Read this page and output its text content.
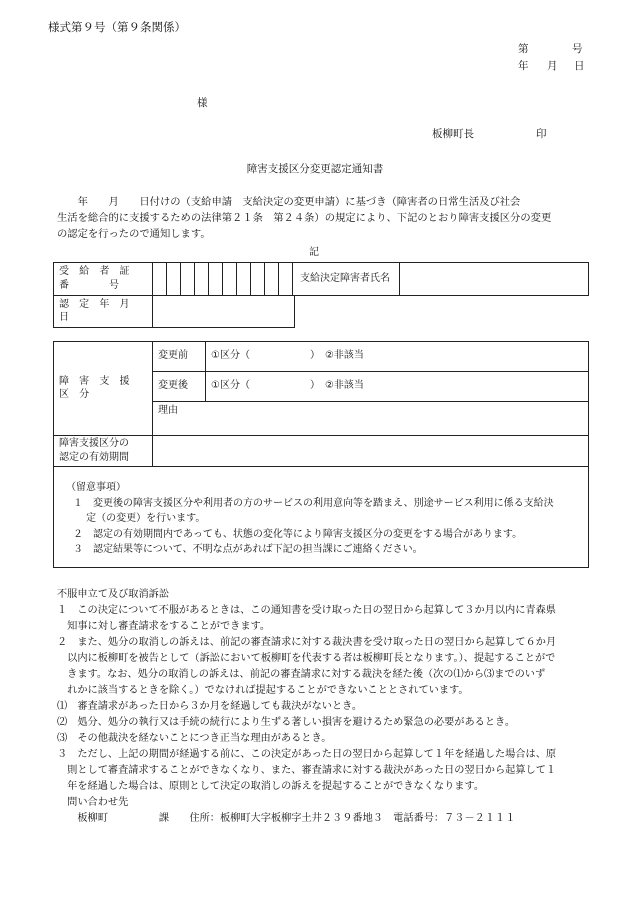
様式第９号（第９条関係）
第	号
年 月 日
様
板柳町長	印
障害支援区分変更認定通知書
　　年　　月　　日付けの（支給申請　支給決定の変更申請）に基づき（障害者の日常生活及び社会
生活を総合的に支援するための法律第２１条　第２４条）の規定により、下記のとおり障害支援区分の変更
の認定を行ったので通知します。
記
受 給 者 証
番　　　　号
											支給決定障害者氏名	
認 定 年 月 日	
障 害 支 援 区 分	変更前	①区分（　　　　　　）　②非該当
	変更後	①区分（　　　　　　）　②非該当
	理由	

障害支援区分の
認定の有効期間		

（留意事項）
１　変更後の障害支援区分や利用者の方のサービスの利用意向等を踏まえ、別途サービス利用に係る支給決
　 定（の変更）を行います。
２　認定の有効期間内であっても、状態の変化等により障害支援区分の変更をする場合があります。
３　認定結果等について、不明な点があれば下記の担当課にご連絡ください。
不服申立て及び取消訴訟
１　この決定について不服があるときは、この通知書を受け取った日の翌日から起算して３か月以内に青森県
　知事に対し審査請求をすることができます。
２　また、処分の取消しの訴えは、前記の審査請求に対する裁決書を受け取った日の翌日から起算して６か月
　以内に板柳町を被告として（訴訟において板柳町を代表する者は板柳町長となります。）、提起することがで
　きます。なお、処分の取消しの訴えは、前記の審査請求に対する裁決を経た後（次の⑴から⑶までのいず
　れかに該当するときを除く。）でなければ提起することができないこととされています。
⑴　審査請求があった日から３か月を経過しても裁決がないとき。
⑵　処分、処分の執行又は手続の続行により生ずる著しい損害を避けるため緊急の必要があるとき。
⑶　その他裁決を経ないことにつき正当な理由があるとき。
３　ただし、上記の期間が経過する前に、この決定があった日の翌日から起算して１年を経過した場合は、原
　則として審査請求することができなくなり、また、審査請求に対する裁決があった日の翌日から起算して１
　年を経過した場合は、原則として決定の取消しの訴えを提起することができなくなります。
　問い合わせ先
　　板柳町　　　　　課　　住所：板柳町大字板柳字土井２３９番地３　電話番号：７３－２１１１
